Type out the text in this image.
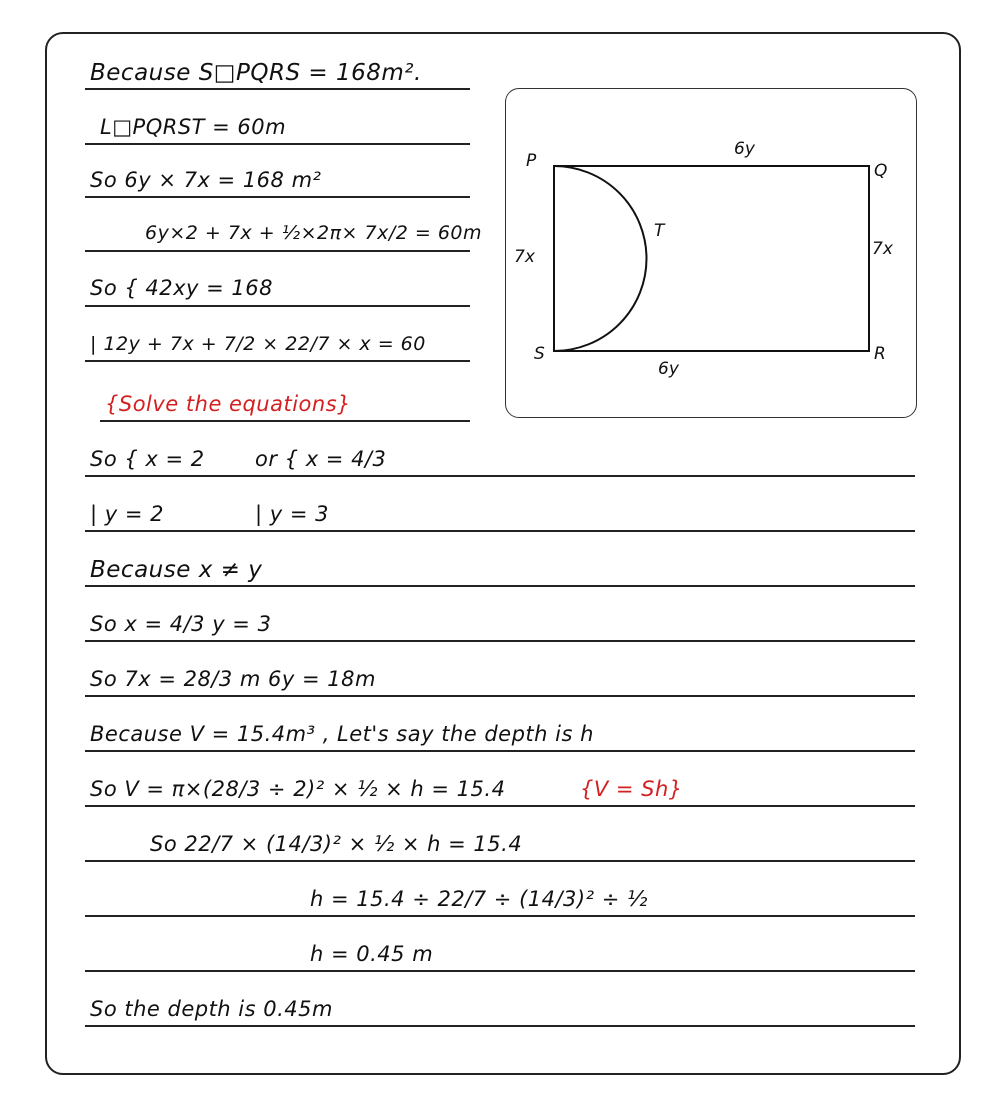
Because S□PQRS = 168m².
L□PQRST = 60m
So 6y × 7x = 168 m²
6y×2 + 7x + ½×2π× 7x/2 = 60m
So { 42xy = 168
| 12y + 7x + 7/2 × 22/7 × x = 60
{Solve the equations}
So { x = 2
| y = 2
or { x = 4/3
| y = 3
Because x ≠ y
So x = 4/3 y = 3
So 7x = 28/3 m 6y = 18m
Because V = 15.4m³ , Let's say the depth is h
So V = π×(28/3 ÷ 2)² × ½ × h = 15.4	{V = Sh}
So 22/7 × (14/3)² × ½ × h = 15.4
h = 15.4 ÷ 22/7 ÷ (14/3)² ÷ ½
h = 0.45 m
So the depth is 0.45m
P	Q
R
S
T
6y
6y
7x	7x
